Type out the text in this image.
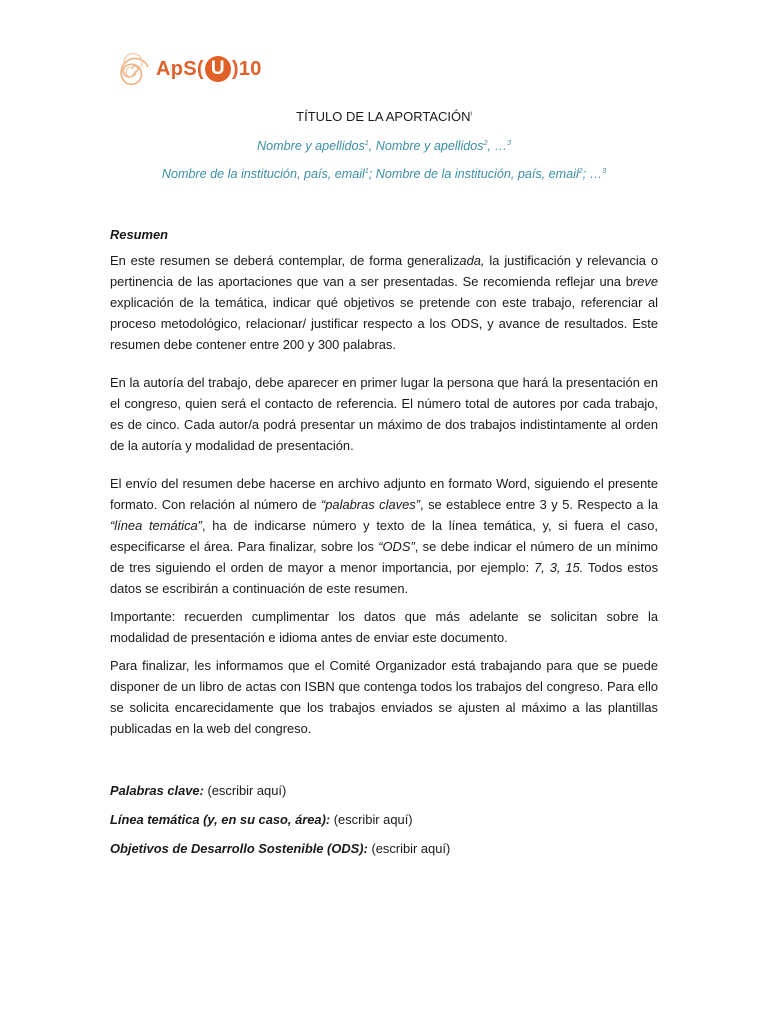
ApS( U )10
TÍTULO DE LA APORTACIÓN$^i$
Nombre y apellidos$^1$, Nombre y apellidos$^2$, …$^3$
Nombre de la institución, país, email$^1$; Nombre de la institución, país, email$^2$; …$^3$

Resumen

En este resumen se deberá contemplar, de forma generalizada, la justificación y relevancia o pertinencia de las aportaciones que van a ser presentadas. Se recomienda reflejar una breve explicación de la temática, indicar qué objetivos se pretende con este trabajo, referenciar al proceso metodológico, relacionar/ justificar respecto a los ODS, y avance de resultados. Este resumen debe contener entre 200 y 300 palabras.

En la autoría del trabajo, debe aparecer en primer lugar la persona que hará la presentación en el congreso, quien será el contacto de referencia. El número total de autores por cada trabajo, es de cinco. Cada autor/a podrá presentar un máximo de dos trabajos indistintamente al orden de la autoría y modalidad de presentación.

El envío del resumen debe hacerse en archivo adjunto en formato Word, siguiendo el presente formato. Con relación al número de “palabras claves”, se establece entre 3 y 5. Respecto a la “línea temática”, ha de indicarse número y texto de la línea temática, y, si fuera el caso, especificarse el área. Para finalizar, sobre los “ODS”, se debe indicar el número de un mínimo de tres siguiendo el orden de mayor a menor importancia, por ejemplo: 7, 3, 15. Todos estos datos se escribirán a continuación de este resumen.

Importante: recuerden cumplimentar los datos que más adelante se solicitan sobre la modalidad de presentación e idioma antes de enviar este documento.

Para finalizar, les informamos que el Comité Organizador está trabajando para que se puede disponer de un libro de actas con ISBN que contenga todos los trabajos del congreso. Para ello se solicita encarecidamente que los trabajos enviados se ajusten al máximo a las plantillas publicadas en la web del congreso.

Palabras clave: (escribir aquí)

Línea temática (y, en su caso, área): (escribir aquí)

Objetivos de Desarrollo Sostenible (ODS): (escribir aquí)
